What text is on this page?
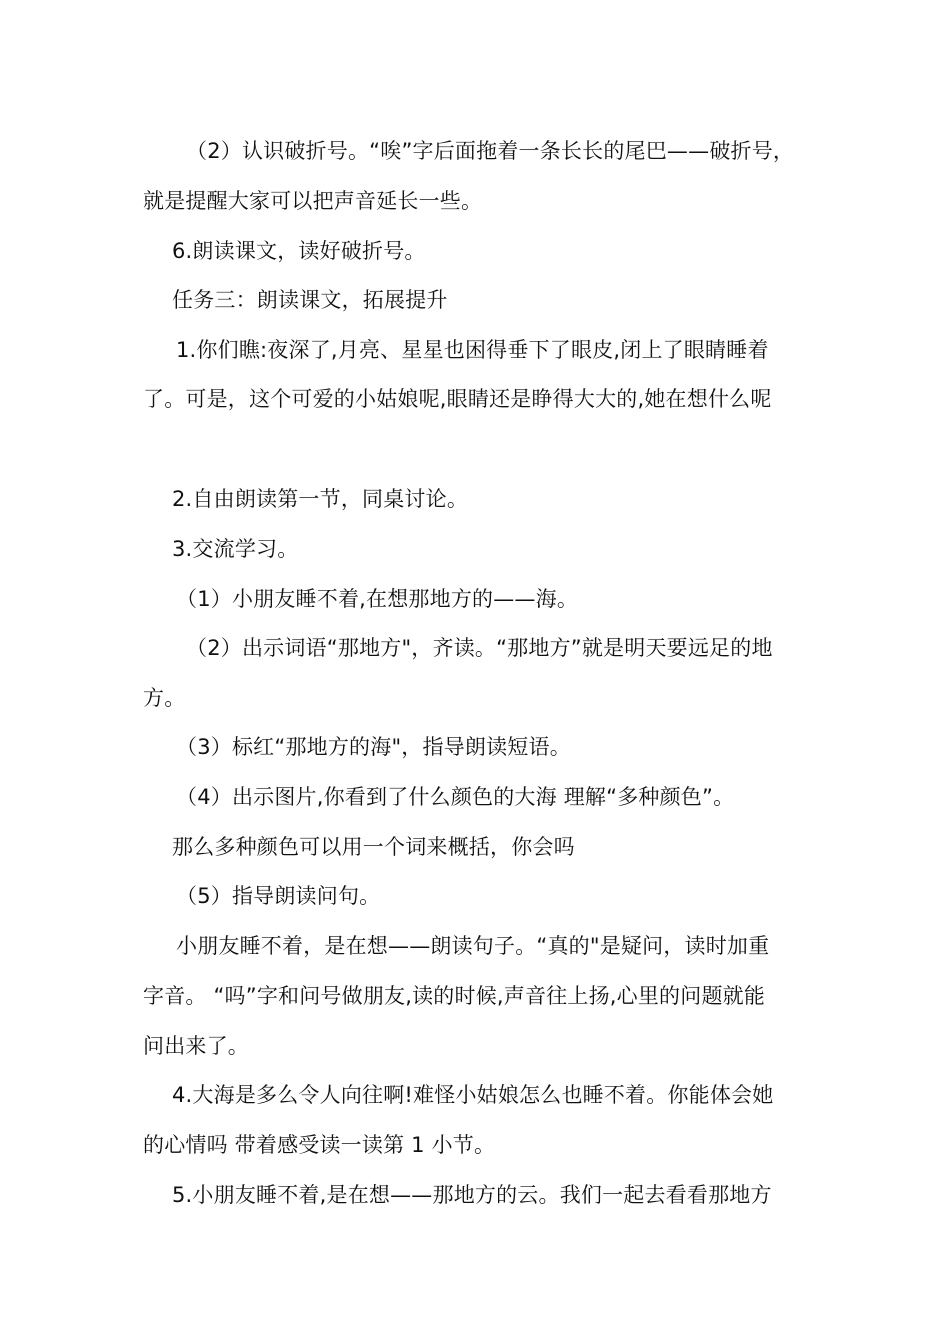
（2）认识破折号。“唉”字后面拖着一条长长的尾巴——破折号，
就是提醒大家可以把声音延长一些。
6.朗读课文，读好破折号。
任务三：朗读课文，拓展提升
1.你们瞧:夜深了,月亮、星星也困得垂下了眼皮,闭上了眼睛睡着
了。可是，这个可爱的小姑娘呢,眼睛还是睁得大大的,她在想什么呢
2.自由朗读第一节，同桌讨论。
3.交流学习。
（1）小朋友睡不着,在想那地方的——海。
（2）出示词语“那地方"，齐读。“那地方”就是明天要远足的地
方。
（3）标红“那地方的海"，指导朗读短语。
（4）出示图片,你看到了什么颜色的大海 理解“多种颜色”。
那么多种颜色可以用一个词来概括，你会吗
（5）指导朗读问句。
小朋友睡不着，是在想——朗读句子。“真的"是疑问，读时加重
字音。 “吗”字和问号做朋友,读的时候,声音往上扬,心里的问题就能
问出来了。
4.大海是多么令人向往啊!难怪小姑娘怎么也睡不着。你能体会她
的心情吗 带着感受读一读第 1 小节。
5.小朋友睡不着,是在想——那地方的云。我们一起去看看那地方
